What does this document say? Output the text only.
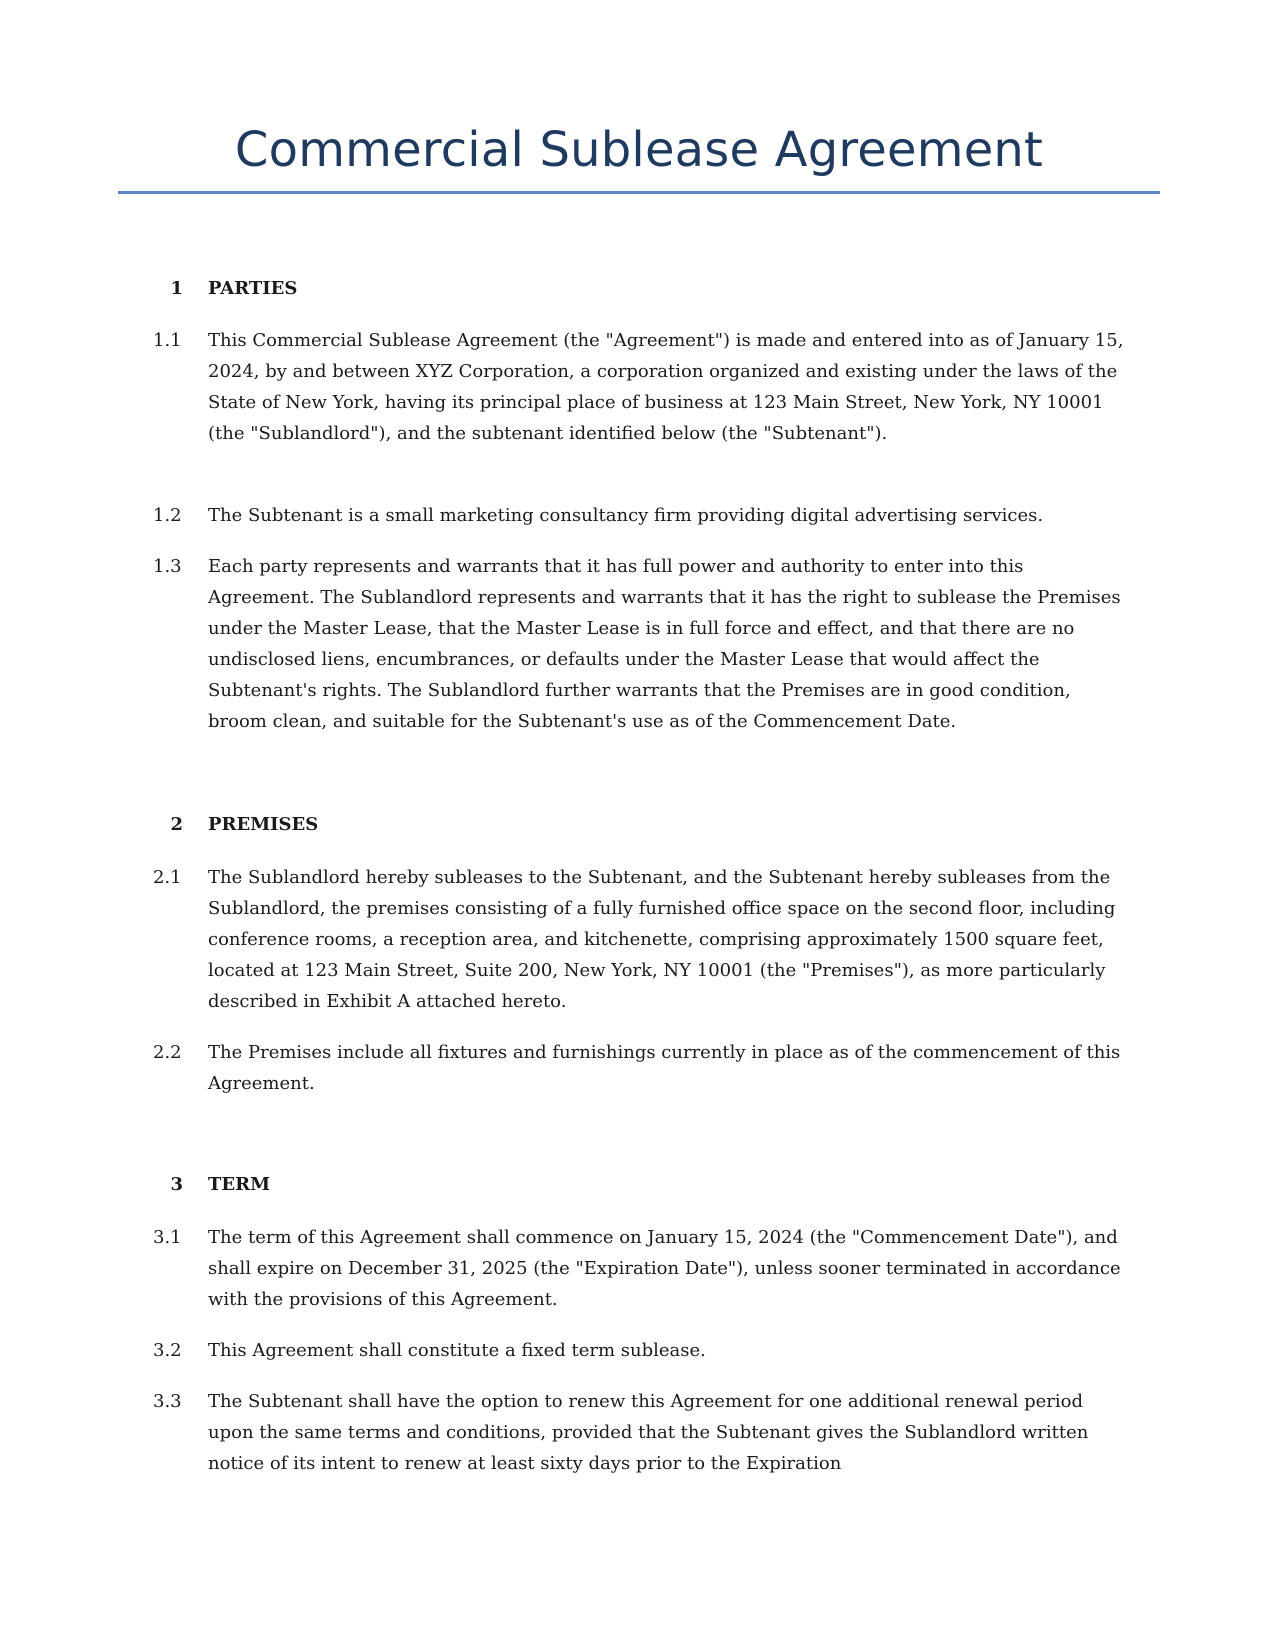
Commercial Sublease Agreement
1 PARTIES
1.1	This Commercial Sublease Agreement (the "Agreement") is made and entered into as of January 15, 2024, by and between XYZ Corporation, a corporation organized and existing under the laws of the State of New York, having its principal place of business at 123 Main Street, New York, NY 10001 (the "Sublandlord"), and the subtenant identified below (the "Subtenant").
1.2	The Subtenant is a small marketing consultancy firm providing digital advertising services.
1.3	Each party represents and warrants that it has full power and authority to enter into this Agreement. The Sublandlord represents and warrants that it has the right to sublease the Premises under the Master Lease, that the Master Lease is in full force and effect, and that there are no undisclosed liens, encumbrances, or defaults under the Master Lease that would affect the Subtenant's rights. The Sublandlord further warrants that the Premises are in good condition, broom clean, and suitable for the Subtenant's use as of the Commencement Date.
2 PREMISES
2.1	The Sublandlord hereby subleases to the Subtenant, and the Subtenant hereby subleases from the Sublandlord, the premises consisting of a fully furnished office space on the second floor, including conference rooms, a reception area, and kitchenette, comprising approximately 1500 square feet, located at 123 Main Street, Suite 200, New York, NY 10001 (the "Premises"), as more particularly described in Exhibit A attached hereto.
2.2	The Premises include all fixtures and furnishings currently in place as of the commencement of this Agreement.
3 TERM
3.1	The term of this Agreement shall commence on January 15, 2024 (the "Commencement Date"), and shall expire on December 31, 2025 (the "Expiration Date"), unless sooner terminated in accordance with the provisions of this Agreement.
3.2	This Agreement shall constitute a fixed term sublease.
3.3	The Subtenant shall have the option to renew this Agreement for one additional renewal period upon the same terms and conditions, provided that the Subtenant gives the Sublandlord written notice of its intent to renew at least sixty days prior to the Expiration
